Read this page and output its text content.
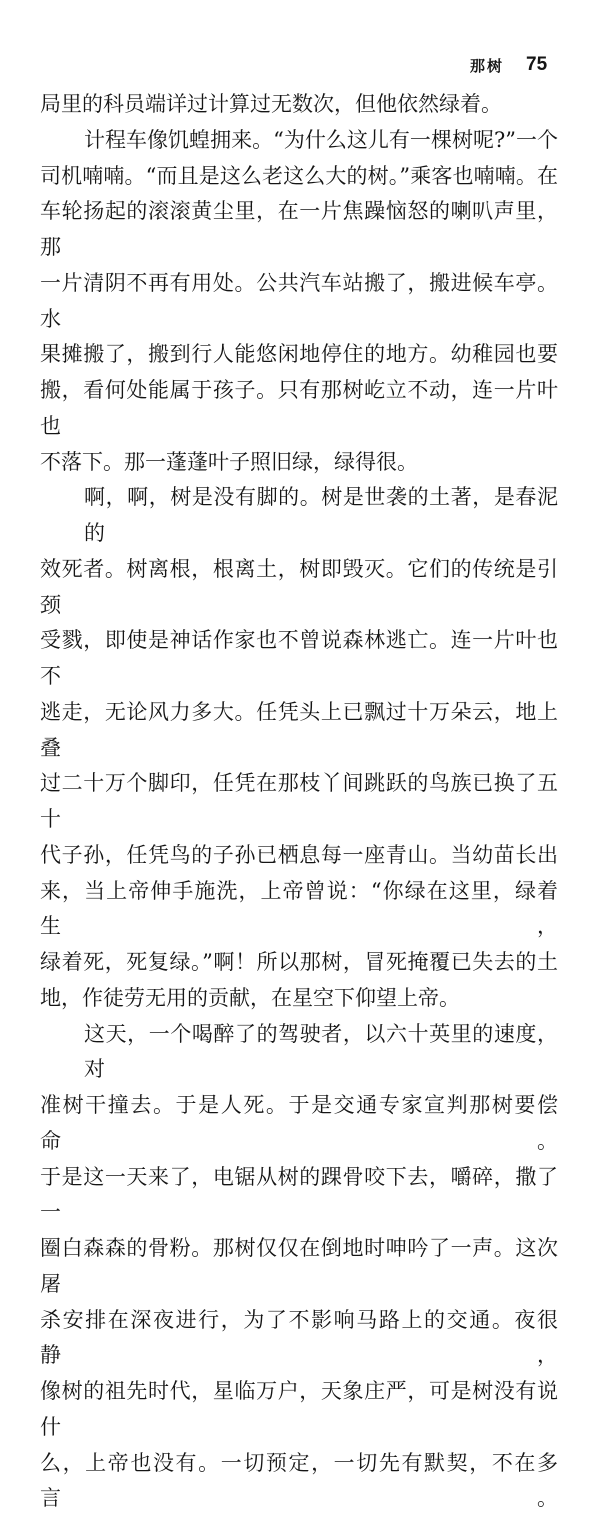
那树 75
局里的科员端详过计算过无数次，但他依然绿着。
计程车像饥蝗拥来。“为什么这儿有一棵树呢?”一个
司机喃喃。“而且是这么老这么大的树。”乘客也喃喃。在
车轮扬起的滚滚黄尘里，在一片焦躁恼怒的喇叭声里，那
一片清阴不再有用处。公共汽车站搬了，搬进候车亭。水
果摊搬了，搬到行人能悠闲地停住的地方。幼稚园也要
搬，看何处能属于孩子。只有那树屹立不动，连一片叶也
不落下。那一蓬蓬叶子照旧绿，绿得很。
啊，啊，树是没有脚的。树是世袭的土著，是春泥的
效死者。树离根，根离土，树即毁灭。它们的传统是引颈
受戮，即使是神话作家也不曾说森林逃亡。连一片叶也不
逃走，无论风力多大。任凭头上已飘过十万朵云，地上叠
过二十万个脚印，任凭在那枝丫间跳跃的鸟族已换了五十
代子孙，任凭鸟的子孙已栖息每一座青山。当幼苗长出
来，当上帝伸手施洗，上帝曾说：“你绿在这里，绿着生，
绿着死，死复绿。”啊！所以那树，冒死掩覆已失去的土
地，作徒劳无用的贡献，在星空下仰望上帝。
这天，一个喝醉了的驾驶者，以六十英里的速度，对
准树干撞去。于是人死。于是交通专家宣判那树要偿命。
于是这一天来了，电锯从树的踝骨咬下去，嚼碎，撒了一
圈白森森的骨粉。那树仅仅在倒地时呻吟了一声。这次屠
杀安排在深夜进行，为了不影响马路上的交通。夜很静，
像树的祖先时代，星临万户，天象庄严，可是树没有说什
么，上帝也没有。一切预定，一切先有默契，不在多言。
